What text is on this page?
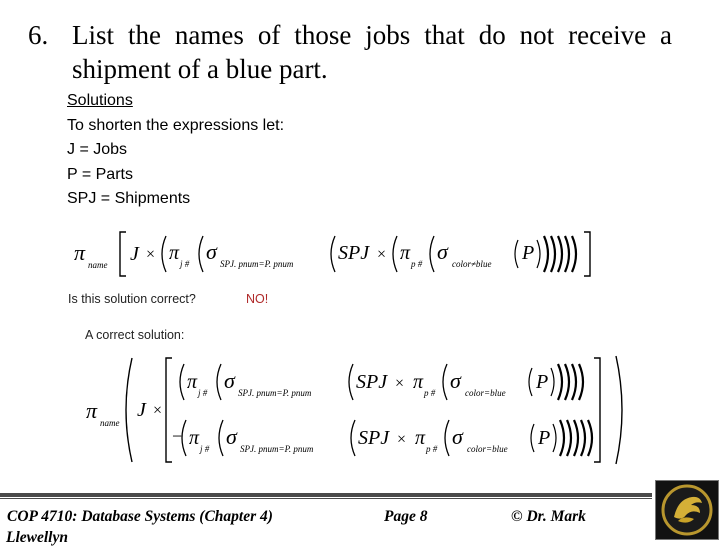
6. List the names of those jobs that do not receive a shipment of a blue part.
Solutions
To shorten the expressions let:
J = Jobs
P = Parts
SPJ = Shipments
π name J × π j # σ SPJ. pnum=P. pnum SPJ × π p # σ color≠blue P
Is this solution correct?	NO!
A correct solution:
π name
J ×
π j # σ SPJ. pnum=P. pnum SPJ × π p # σ color=blue P
− π j # σ SPJ. pnum=P. pnum SPJ × π p # σ color=blue P
COP 4710: Database Systems (Chapter 4)	Page 8	© Dr. Mark
Llewellyn
